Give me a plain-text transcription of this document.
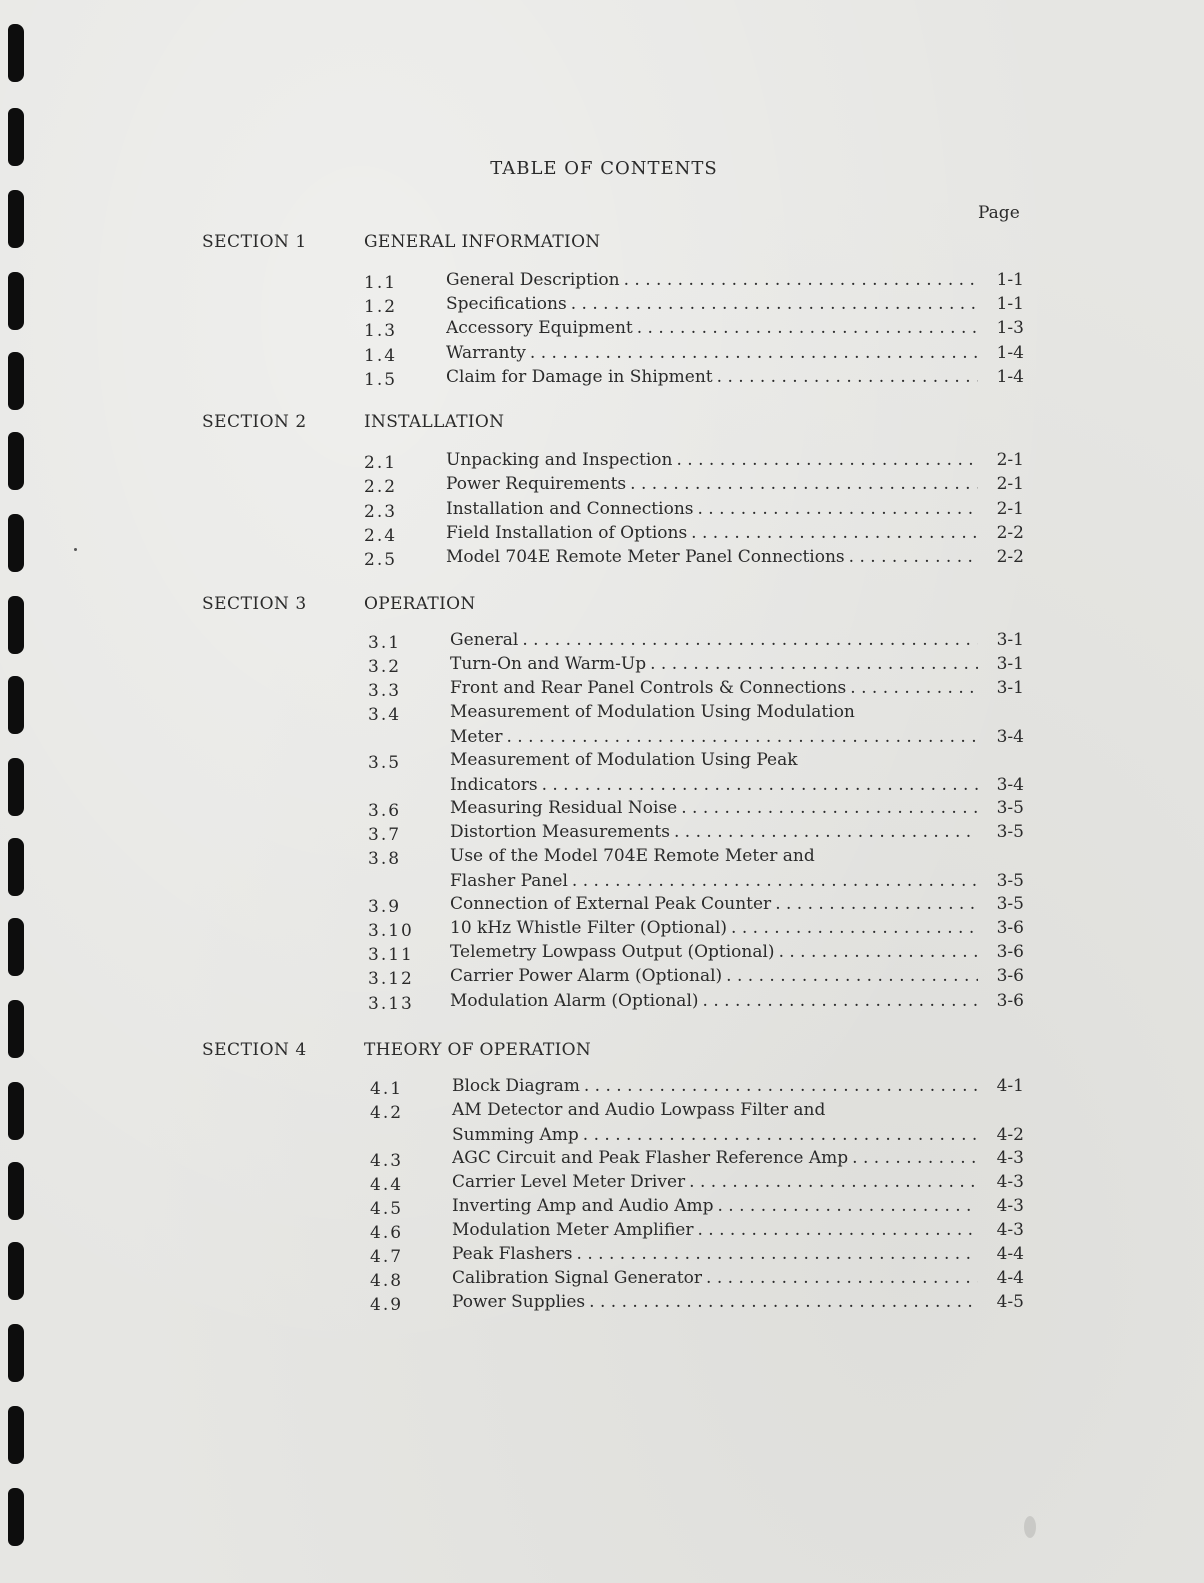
TABLE OF CONTENTS
Page
SECTION 1	GENERAL INFORMATION
1.1	General Description . . .	1-1
1.2	Specifications . . .	1-1
1.3	Accessory Equipment . . .	1-3
1.4	Warranty . . .	1-4
1.5	Claim for Damage in Shipment . . .	1-4
SECTION 2	INSTALLATION
2.1	Unpacking and Inspection . . .	2-1
2.2	Power Requirements . . .	2-1
2.3	Installation and Connections . . .	2-1
2.4	Field Installation of Options . . .	2-2
2.5	Model 704E Remote Meter Panel Connections . . .	2-2
SECTION 3	OPERATION
3.1	General . . .	3-1
3.2	Turn-On and Warm-Up . . .	3-1
3.3	Front and Rear Panel Controls & Connections . . .	3-1
3.4	Measurement of Modulation Using Modulation
Meter . . .	3-4
3.5	Measurement of Modulation Using Peak
Indicators . . .	3-4
3.6	Measuring Residual Noise . . .	3-5
3.7	Distortion Measurements . . .	3-5
3.8	Use of the Model 704E Remote Meter and
Flasher Panel . . .	3-5
3.9	Connection of External Peak Counter . . .	3-5
3.10	10 kHz Whistle Filter (Optional) . . .	3-6
3.11	Telemetry Lowpass Output (Optional) . . .	3-6
3.12	Carrier Power Alarm (Optional) . . .	3-6
3.13	Modulation Alarm (Optional) . . .	3-6
SECTION 4	THEORY OF OPERATION
4.1	Block Diagram . . .	4-1
4.2	AM Detector and Audio Lowpass Filter and
Summing Amp . . .	4-2
4.3	AGC Circuit and Peak Flasher Reference Amp . . .	4-3
4.4	Carrier Level Meter Driver . . .	4-3
4.5	Inverting Amp and Audio Amp . . .	4-3
4.6	Modulation Meter Amplifier . . .	4-3
4.7	Peak Flashers . . .	4-4
4.8	Calibration Signal Generator . . .	4-4
4.9	Power Supplies . . .	4-5
